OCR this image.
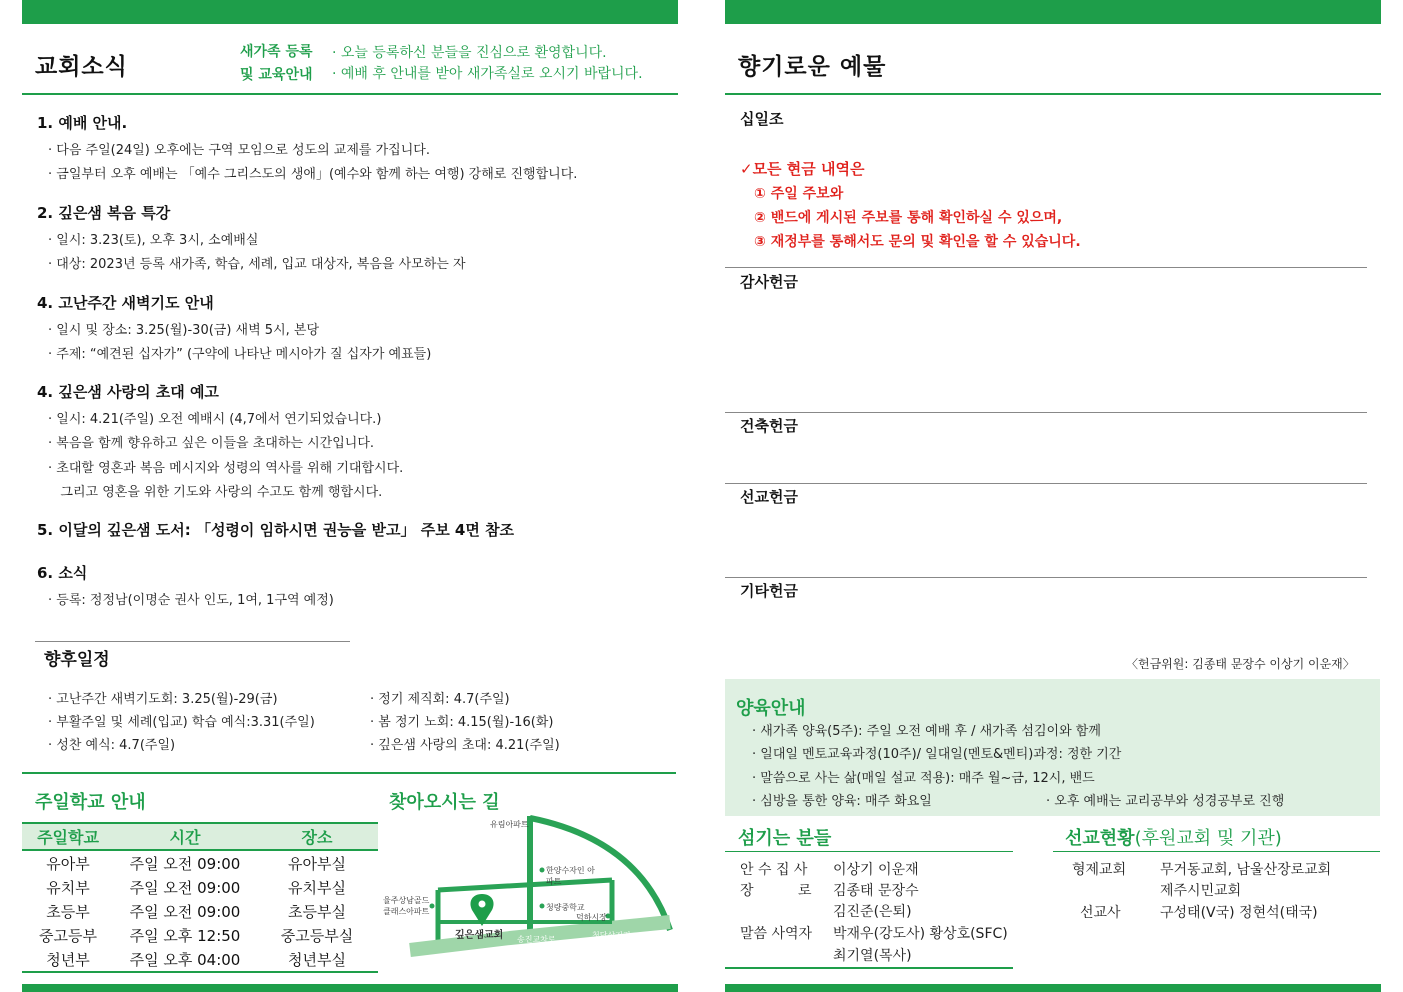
교회소식
새가족 등록
및 교육안내
· 오늘 등록하신 분들을 진심으로 환영합니다.
· 예배 후 안내를 받아 새가족실로 오시기 바랍니다.
1. 예배 안내.
· 다음 주일(24일) 오후에는 구역 모임으로 성도의 교제를 가집니다.
· 금일부터 오후 예배는 「예수 그리스도의 생애」(예수와 함께 하는 여행) 강해로 진행합니다.
2. 깊은샘 복음 특강
· 일시: 3.23(토), 오후 3시, 소예배실
· 대상: 2023년 등록 새가족, 학습, 세례, 입교 대상자, 복음을 사모하는 자
4. 고난주간 새벽기도 안내
· 일시 및 장소: 3.25(월)-30(금) 새벽 5시, 본당
· 주제: “예견된 십자가” (구약에 나타난 메시아가 질 십자가 예표들)
4. 깊은샘 사랑의 초대 예고
· 일시: 4.21(주일) 오전 예배시 (4,7에서 연기되었습니다.)
· 복음을 함께 향유하고 싶은 이들을 초대하는 시간입니다.
· 초대할 영혼과 복음 메시지와 성령의 역사를 위해 기대합시다.
그리고 영혼을 위한 기도와 사랑의 수고도 함께 행합시다.
5. 이달의 깊은샘 도서: 「성령이 임하시면 권능을 받고」 주보 4면 참조
6. 소식
· 등록: 정정남(이명순 권사 인도, 1여, 1구역 예정)
향후일정
· 고난주간 새벽기도회: 3.25(월)-29(금)
· 부활주일 및 세례(입교) 학습 예식:3.31(주일)
· 성찬 예식: 4.7(주일)
· 정기 제직회: 4.7(주일)
· 봄 정기 노회: 4.15(월)-16(화)
· 깊은샘 사랑의 초대: 4.21(주일)
주일학교 안내
주일학교	시간	장소
유아부	주일 오전 09:00	유아부실
유치부	주일 오전 09:00	유치부실
초등부	주일 오전 09:00	초등부실
중고등부	주일 오후 12:50	중고등부실
청년부	주일 오후 04:00	청년부실
찾아오시는 길
유림아파트
한양수자인 아파트
율주상남골드 클래스아파트	청량중학교
덕하시장
깊은샘교회 송진교차로	청당삼거리
향기로운 예물
십일조
✓모든 현금 내역은
① 주일 주보와
② 밴드에 게시된 주보를 통해 확인하실 수 있으며,
③ 재정부를 통해서도 문의 및 확인을 할 수 있습니다.
감사헌금
건축헌금
선교헌금
기타헌금
〈헌금위원: 김종태 문장수 이상기 이운재〉
양육안내
· 새가족 양육(5주): 주일 오전 예배 후 / 새가족 섬김이와 함께
· 일대일 멘토교육과정(10주)/ 일대일(멘토&멘티)과정: 정한 기간
· 말씀으로 사는 삶(매일 설교 적용): 매주 월~금, 12시, 밴드
· 심방을 통한 양육: 매주 화요일	· 오후 예배는 교리공부와 성경공부로 진행
섬기는 분들
안 수 집 사 이상기 이운재
장          로 김종태 문장수
김진준(은퇴)
말씀 사역자 박재우(강도사) 황상호(SFC)
최기열(목사)
선교현황(후원교회 및 기관)
형제교회 무거동교회, 남울산장로교회
제주시민교회
선교사	구성태(V국) 정현석(태국)
